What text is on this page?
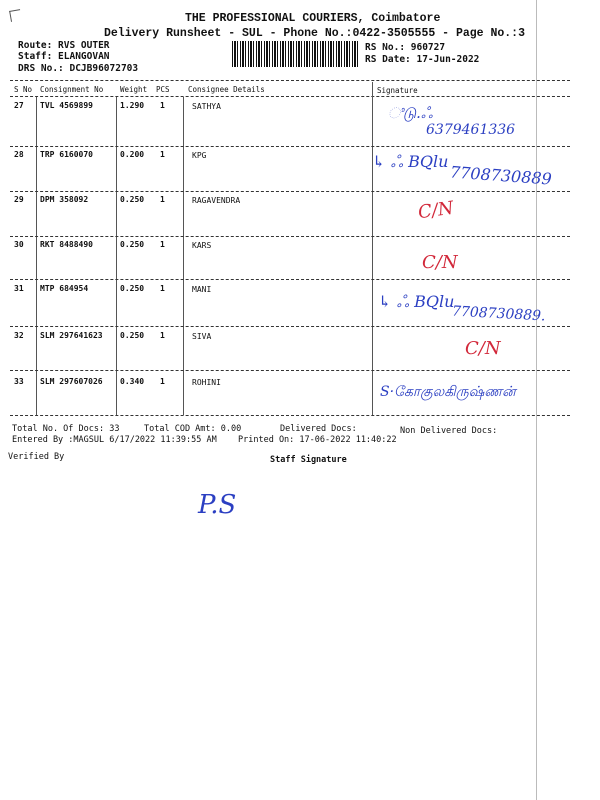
THE PROFESSIONAL COURIERS, Coimbatore
Delivery Runsheet - SUL - Phone No.:0422-3505555 - Page No.:3
Route: RVS OUTER
Staff: ELANGOVAN
DRS No.: DCJB96072703
RS No.: 960727
RS Date: 17-Jun-2022
S No Consignment No Weight PCS Consignee Details	Signature
27 TVL 4569899	1.290 1	SATHYA	ಿடு.ஃ
6379461336
28 TRP 6160070	0.200 1	KPG	↳ ஃ BQlu
7708730889
29 DPM 358092	0.250 1	RAGAVENDRA	C/N
30 RKT 8488490	0.250 1	KARS
C/N
31 MTP 684954	0.250 1	MANI
↳ ஃ BQlu
7708730889.
32 SLM 297641623 0.250 1	SIVA
C/N
33 SLM 297607026 0.340 1	ROHINI
S·கோகுலகிருஷ்ணன்
Total No. Of Docs: 33	Total COD Amt: 0.00	Delivered Docs:	Non Delivered Docs:
Entered By :MAGSUL 6/17/2022 11:39:55 AM	Printed On: 17-06-2022 11:40:22
Verified By	Staff Signature
P.S
